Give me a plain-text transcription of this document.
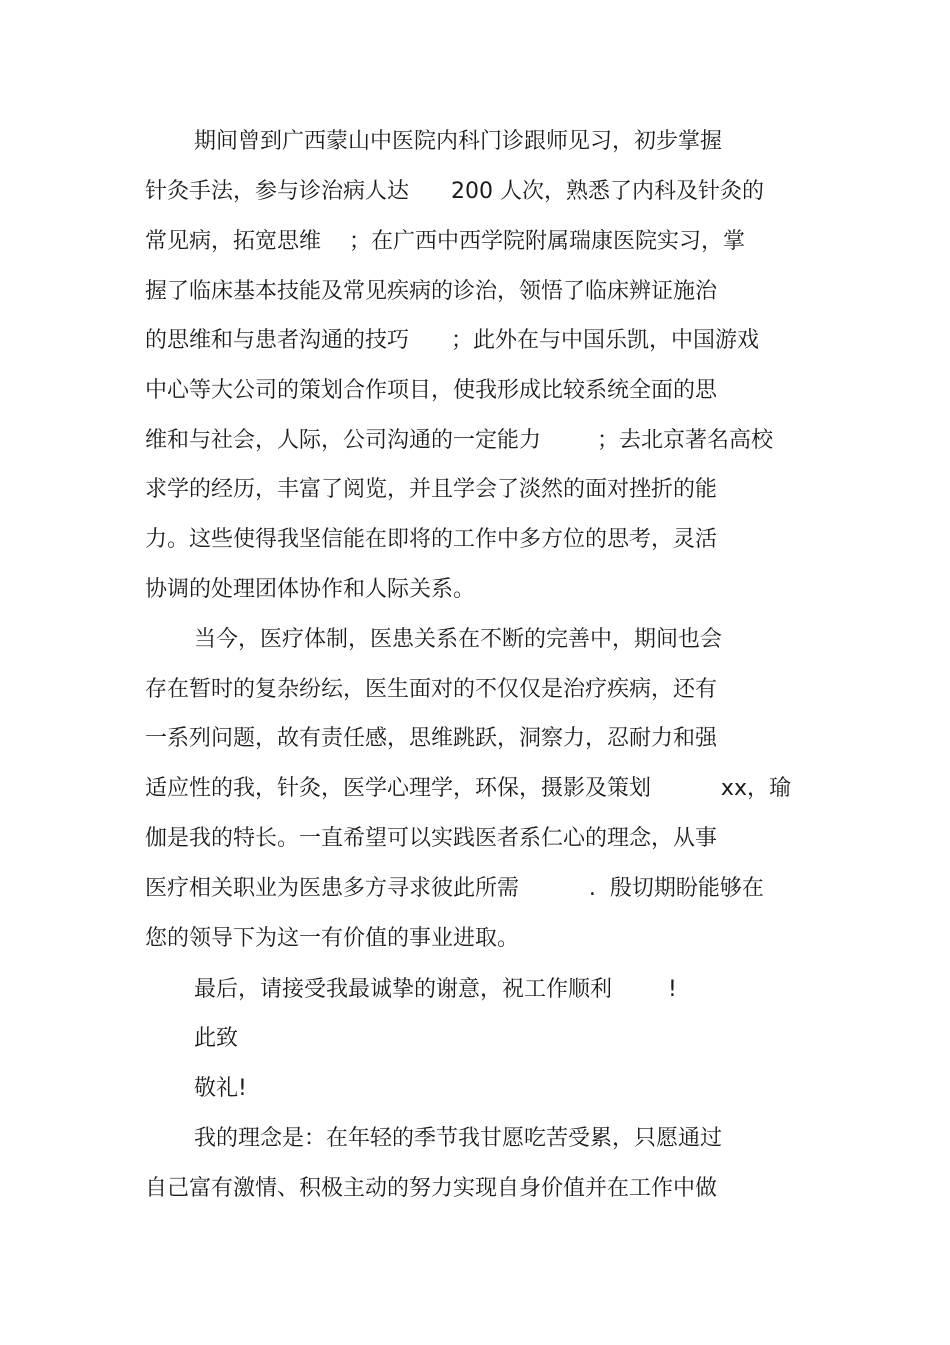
期间曾到广西蒙山中医院内科门诊跟师见习，初步掌握
针灸手法，参与诊治病人达      200 人次，熟悉了内科及针灸的
常见病，拓宽思维    ；在广西中西学院附属瑞康医院实习，掌
握了临床基本技能及常见疾病的诊治，领悟了临床辨证施治
的思维和与患者沟通的技巧      ；此外在与中国乐凯，中国游戏
中心等大公司的策划合作项目，使我形成比较系统全面的思
维和与社会，人际，公司沟通的一定能力        ；去北京著名高校
求学的经历，丰富了阅览，并且学会了淡然的面对挫折的能
力。这些使得我坚信能在即将的工作中多方位的思考，灵活
协调的处理团体协作和人际关系。
当今，医疗体制，医患关系在不断的完善中，期间也会
存在暂时的复杂纷纭，医生面对的不仅仅是治疗疾病，还有
一系列问题，故有责任感，思维跳跃，洞察力，忍耐力和强
适应性的我，针灸，医学心理学，环保，摄影及策划          xx，瑜
伽是我的特长。一直希望可以实践医者系仁心的理念，从事
医疗相关职业为医患多方寻求彼此所需          .  殷切期盼能够在
您的领导下为这一有价值的事业进取。
最后，请接受我最诚挚的谢意，祝工作顺利        !
此致
敬礼!
我的理念是：在年轻的季节我甘愿吃苦受累，只愿通过
自己富有激情、积极主动的努力实现自身价值并在工作中做
